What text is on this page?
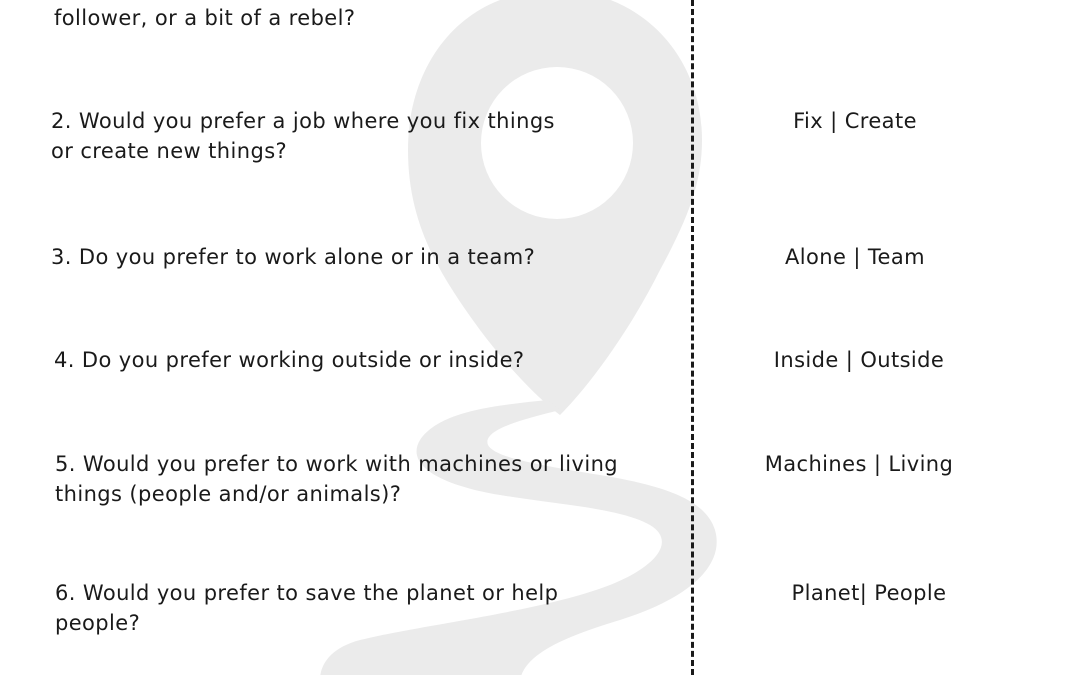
follower, or a bit of a rebel?

2. Would you prefer a job where you fix things
or create new things?

Fix | Create

3. Do you prefer to work alone or in a team?	Alone | Team

4. Do you prefer working outside or inside?	Inside | Outside

5. Would you prefer to work with machines or living
things (people and/or animals)?

Machines | Living

6. Would you prefer to save the planet or help
people?

Planet| People
